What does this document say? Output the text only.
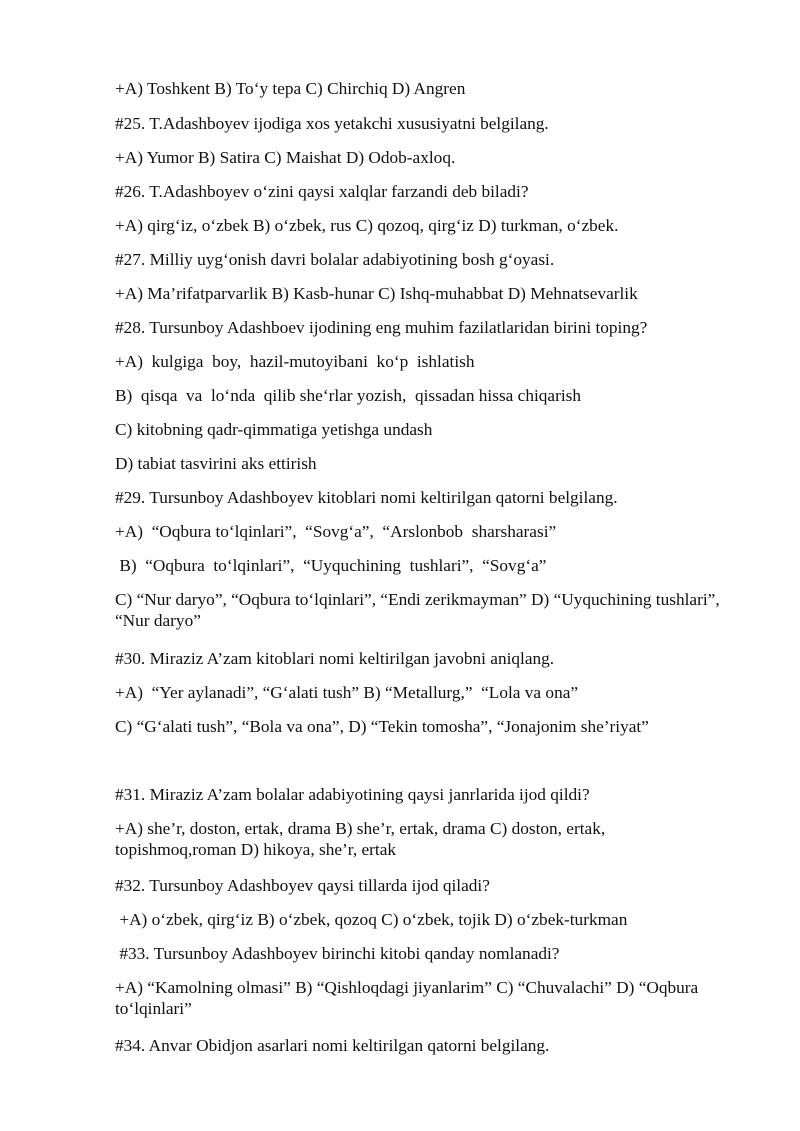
+A) Toshkent B) To‘y tepa C) Chirchiq D) Angren
#25. T.Adashboyev ijodiga xos yetakchi xususiyatni belgilang.
+A) Yumor B) Satira C) Maishat D) Odob-axloq.
#26. T.Adashboyev o‘zini qaysi xalqlar farzandi deb biladi?
+A) qirg‘iz, o‘zbek B) o‘zbek, rus C) qozoq, qirg‘iz D) turkman, o‘zbek.
#27. Milliy uyg‘onish davri bolalar adabiyotining bosh g‘oyasi.
+A) Ma’rifatparvarlik B) Kasb-hunar C) Ishq-muhabbat D) Mehnatsevarlik
#28. Tursunboy Adashboev ijodining eng muhim fazilatlaridan birini toping?
+A)  kulgiga  boy,  hazil-mutoyibani  ko‘p  ishlatish
B)  qisqa  va  lo‘nda  qilib she‘rlar yozish,  qissadan hissa chiqarish
C) kitobning qadr-qimmatiga yetishga undash
D) tabiat tasvirini aks ettirish
#29. Tursunboy Adashboyev kitoblari nomi keltirilgan qatorni belgilang.
+A)  “Oqbura to‘lqinlari”,  “Sovg‘a”,  “Arslonbob  sharsharasi”
B)  “Oqbura  to‘lqinlari”,  “Uyquchining  tushlari”,  “Sovg‘a”
C) “Nur daryo”, “Oqbura to‘lqinlari”, “Endi zerikmayman” D) “Uyquchining tushlari”, “Nur daryo”
#30. Miraziz A’zam kitoblari nomi keltirilgan javobni aniqlang.
+A)  “Yer aylanadi”, “G‘alati tush” B) “Metallurg,”  “Lola va ona”
C) “G‘alati tush”, “Bola va ona”, D) “Tekin tomosha”, “Jonajonim she’riyat”
#31. Miraziz A’zam bolalar adabiyotining qaysi janrlarida ijod qildi?
+A) she’r, doston, ertak, drama B) she’r, ertak, drama C) doston, ertak, topishmoq,roman D) hikoya, she’r, ertak
#32. Tursunboy Adashboyev qaysi tillarda ijod qiladi?
+A) o‘zbek, qirg‘iz B) o‘zbek, qozoq C) o‘zbek, tojik D) o‘zbek-turkman
#33. Tursunboy Adashboyev birinchi kitobi qanday nomlanadi?
+A) “Kamolning olmasi” B) “Qishloqdagi jiyanlarim” C) “Chuvalachi” D) “Oqbura to‘lqinlari”
#34. Anvar Obidjon asarlari nomi keltirilgan qatorni belgilang.
